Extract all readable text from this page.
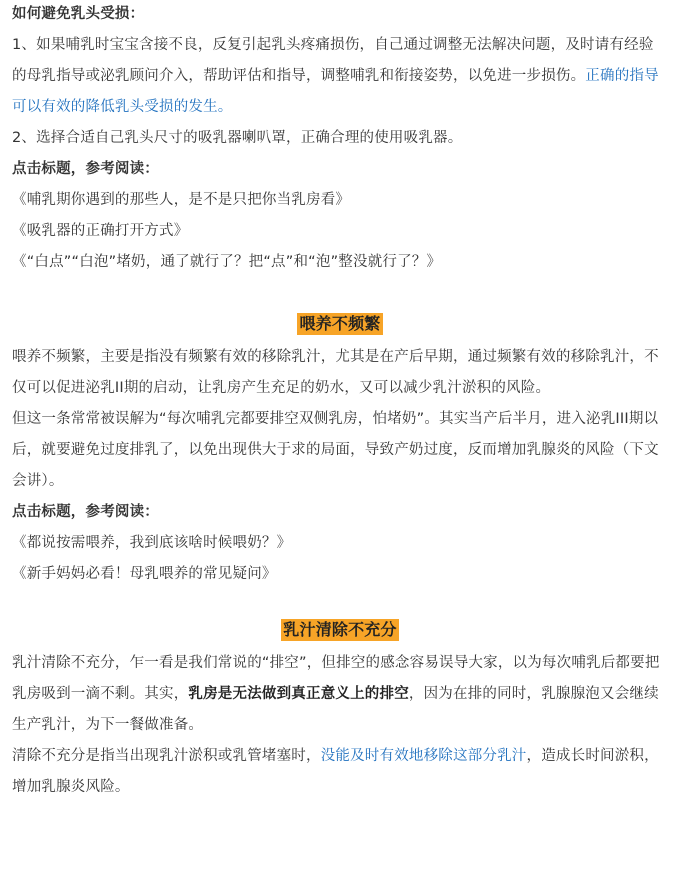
如何避免乳头受损：

1、如果哺乳时宝宝含接不良，反复引起乳头疼痛损伤，自己通过调整无法解决问题，及时请有经验的母乳指导或泌乳顾问介入，帮助评估和指导，调整哺乳和衔接姿势，以免进一步损伤。正确的指导可以有效的降低乳头受损的发生。

2、选择合适自己乳头尺寸的吸乳器喇叭罩，正确合理的使用吸乳器。

点击标题，参考阅读：

《哺乳期你遇到的那些人，是不是只把你当乳房看》

《吸乳器的正确打开方式》

《“白点”“白泡”堵奶，通了就行了？把“点”和“泡”整没就行了？》

喂养不频繁

喂养不频繁，主要是指没有频繁有效的移除乳汁，尤其是在产后早期，通过频繁有效的移除乳汁，不仅可以促进泌乳II期的启动，让乳房产生充足的奶水，又可以减少乳汁淤积的风险。

但这一条常常被误解为“每次哺乳完都要排空双侧乳房，怕堵奶”。其实当产后半月，进入泌乳III期以后，就要避免过度排乳了，以免出现供大于求的局面，导致产奶过度，反而增加乳腺炎的风险（下文会讲）。

点击标题，参考阅读：

《都说按需喂养，我到底该啥时候喂奶？》

《新手妈妈必看！母乳喂养的常见疑问》

乳汁清除不充分

乳汁清除不充分，乍一看是我们常说的“排空”，但排空的感念容易误导大家，以为每次哺乳后都要把乳房吸到一滴不剩。其实，乳房是无法做到真正意义上的排空，因为在排的同时，乳腺腺泡又会继续生产乳汁，为下一餐做准备。

清除不充分是指当出现乳汁淤积或乳管堵塞时，没能及时有效地移除这部分乳汁，造成长时间淤积，增加乳腺炎风险。
